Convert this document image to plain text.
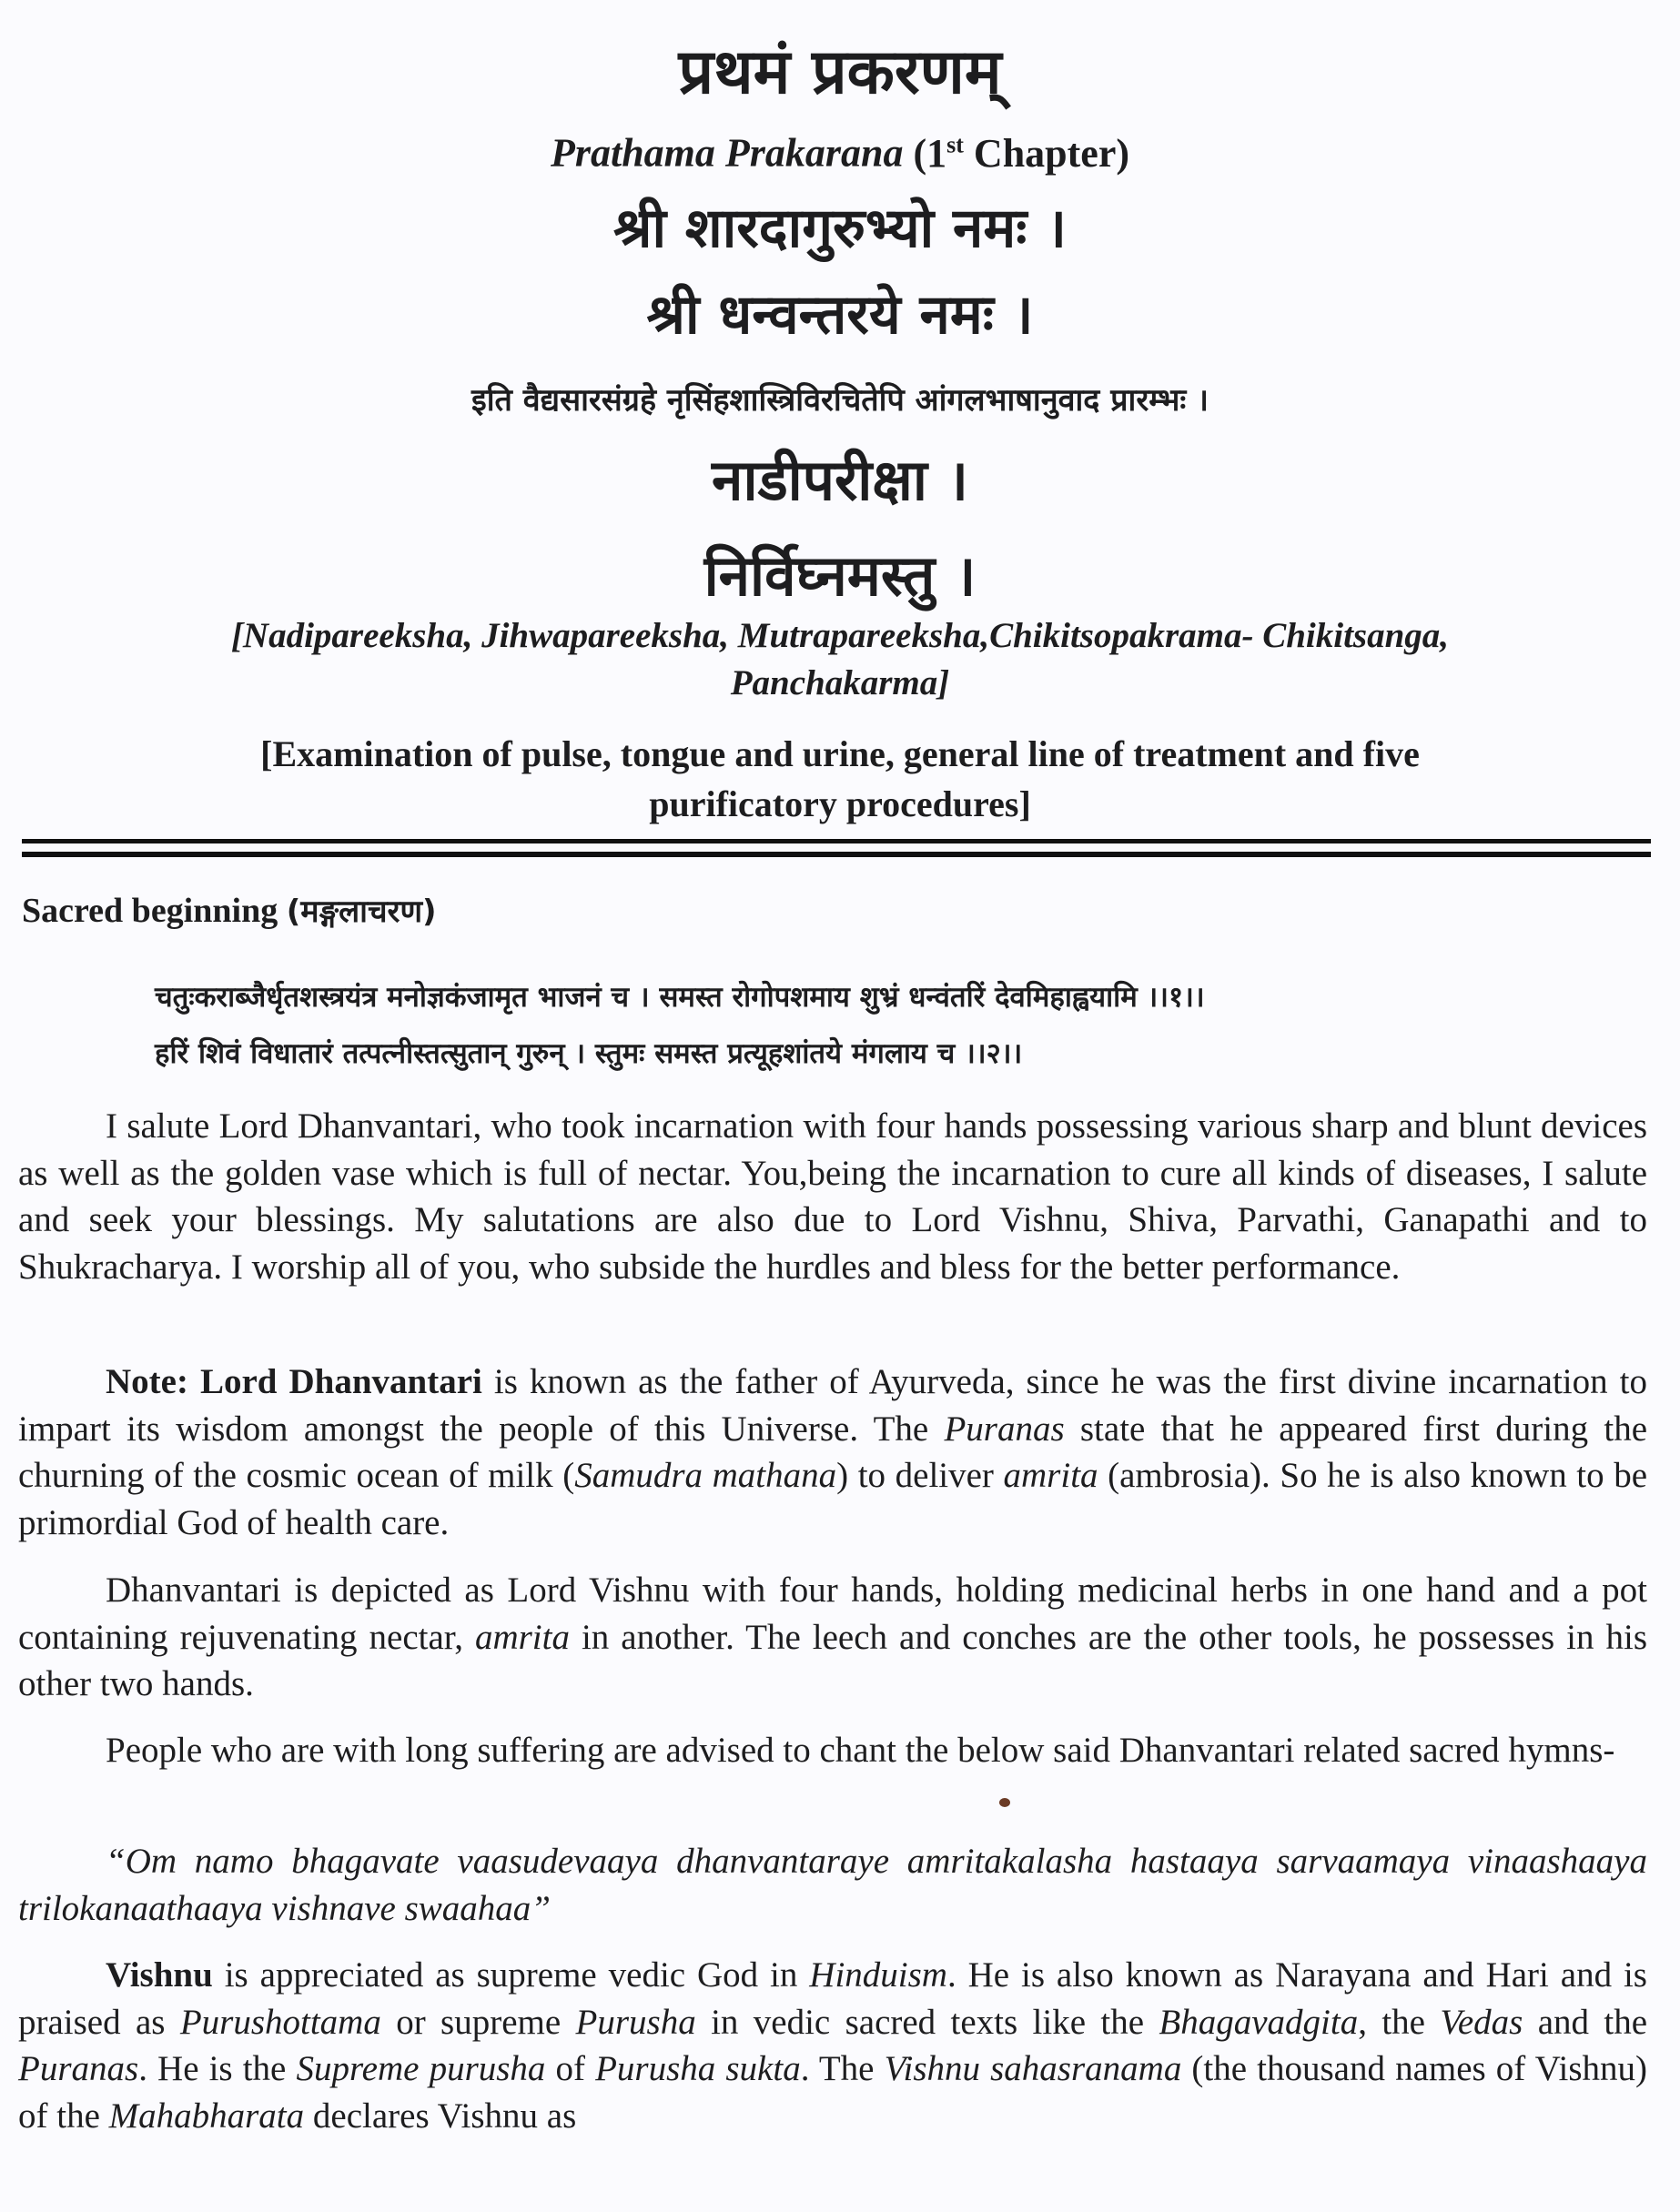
प्रथमं प्रकरणम्
Prathama Prakarana (1st Chapter)
श्री शारदागुरुभ्यो नमः ।
श्री धन्वन्तरये नमः ।
इति वैद्यसारसंग्रहे नृसिंहशास्त्रिविरचितेपि आंगलभाषानुवाद प्रारम्भः ।
नाडीपरीक्षा ।
निर्विघ्नमस्तु ।
[Nadipareeksha, Jihwapareeksha, Mutrapareeksha,Chikitsopakrama- Chikitsanga,
Panchakarma]
[Examination of pulse, tongue and urine, general line of treatment and five
purificatory procedures]
Sacred beginning (मङ्गलाचरण)
चतुःकराब्जैर्धृतशस्त्रयंत्र मनोज्ञकंजामृत भाजनं च । समस्त रोगोपशमाय शुभ्रं धन्वंतरिं देवमिहाह्वयामि ।।१।।
हरिं शिवं विधातारं तत्पत्नीस्तत्सुतान् गुरुन् । स्तुमः समस्त प्रत्यूहशांतये मंगलाय च ।।२।।
I salute Lord Dhanvantari, who took incarnation with four hands possessing various sharp and blunt devices as well as the golden vase which is full of nectar. You,being the incarnation to cure all kinds of diseases, I salute and seek your blessings. My salutations are also due to Lord Vishnu, Shiva, Parvathi, Ganapathi and to Shukracharya. I worship all of you, who subside the hurdles and bless for the better performance.
Note: Lord Dhanvantari is known as the father of Ayurveda, since he was the first divine incarnation to impart its wisdom amongst the people of this Universe. The Puranas state that he appeared first during the churning of the cosmic ocean of milk (Samudra mathana) to deliver amrita (ambrosia). So he is also known to be primordial God of health care.
Dhanvantari is depicted as Lord Vishnu with four hands, holding medicinal herbs in one hand and a pot containing rejuvenating nectar, amrita in another. The leech and conches are the other tools, he possesses in his other two hands.
People who are with long suffering are advised to chant the below said Dhanvantari related sacred hymns-
“Om namo bhagavate vaasudevaaya dhanvantaraye amritakalasha hastaaya sarvaamaya vinaashaaya trilokanaathaaya vishnave swaahaa”
Vishnu is appreciated as supreme vedic God in Hinduism. He is also known as Narayana and Hari and is praised as Purushottama or supreme Purusha in vedic sacred texts like the Bhagavadgita, the Vedas and the Puranas. He is the Supreme purusha of Purusha sukta. The Vishnu sahasranama (the thousand names of Vishnu) of the Mahabharata declares Vishnu as
